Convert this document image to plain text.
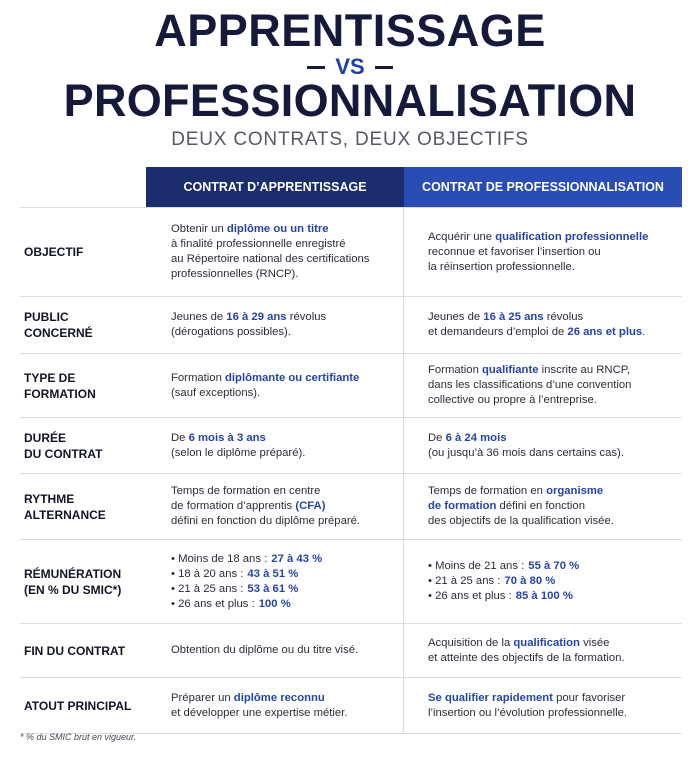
APPRENTISSAGE
VS
PROFESSIONNALISATION
DEUX CONTRATS, DEUX OBJECTIFS
CONTRAT D’APPRENTISSAGE	CONTRAT DE PROFESSIONNALISATION
OBJECTIF
Obtenir un diplôme ou un titre
à finalité professionnelle enregistré
au Répertoire national des certifications
professionnelles (RNCP).
Acquérir une qualification professionnelle
reconnue et favoriser l’insertion ou
la réinsertion professionnelle.
PUBLIC
CONCERNÉ
Jeunes de 16 à 29 ans révolus
(dérogations possibles).
Jeunes de 16 à 25 ans révolus
et demandeurs d’emploi de 26 ans et plus.
TYPE DE
FORMATION
Formation diplômante ou certifiante
(sauf exceptions).
Formation qualifiante inscrite au RNCP,
dans les classifications d’une convention
collective ou propre à l’entreprise.
DURÉE
DU CONTRAT
De 6 mois à 3 ans
(selon le diplôme préparé).
De 6 à 24 mois
(ou jusqu’à 36 mois dans certains cas).
RYTHME
ALTERNANCE
Temps de formation en centre
de formation d’apprentis (CFA)
défini en fonction du diplôme préparé.
Temps de formation en organisme
de formation défini en fonction
des objectifs de la qualification visée.
RÉMUNÉRATION
(EN % DU SMIC*)
• Moins de 18 ans : 27 à 43 %
• 18 à 20 ans : 43 à 51 %
• 21 à 25 ans : 53 à 61 %
• 26 ans et plus : 100 %
• Moins de 21 ans : 55 à 70 %
• 21 à 25 ans : 70 à 80 %
• 26 ans et plus : 85 à 100 %
FIN DU CONTRAT	Obtention du diplôme ou du titre visé.
Acquisition de la qualification visée
et atteinte des objectifs de la formation.
ATOUT PRINCIPAL
Préparer un diplôme reconnu
et développer une expertise métier.
Se qualifier rapidement pour favoriser
l’insertion ou l’évolution professionnelle.
* % du SMIC brut en vigueur.
